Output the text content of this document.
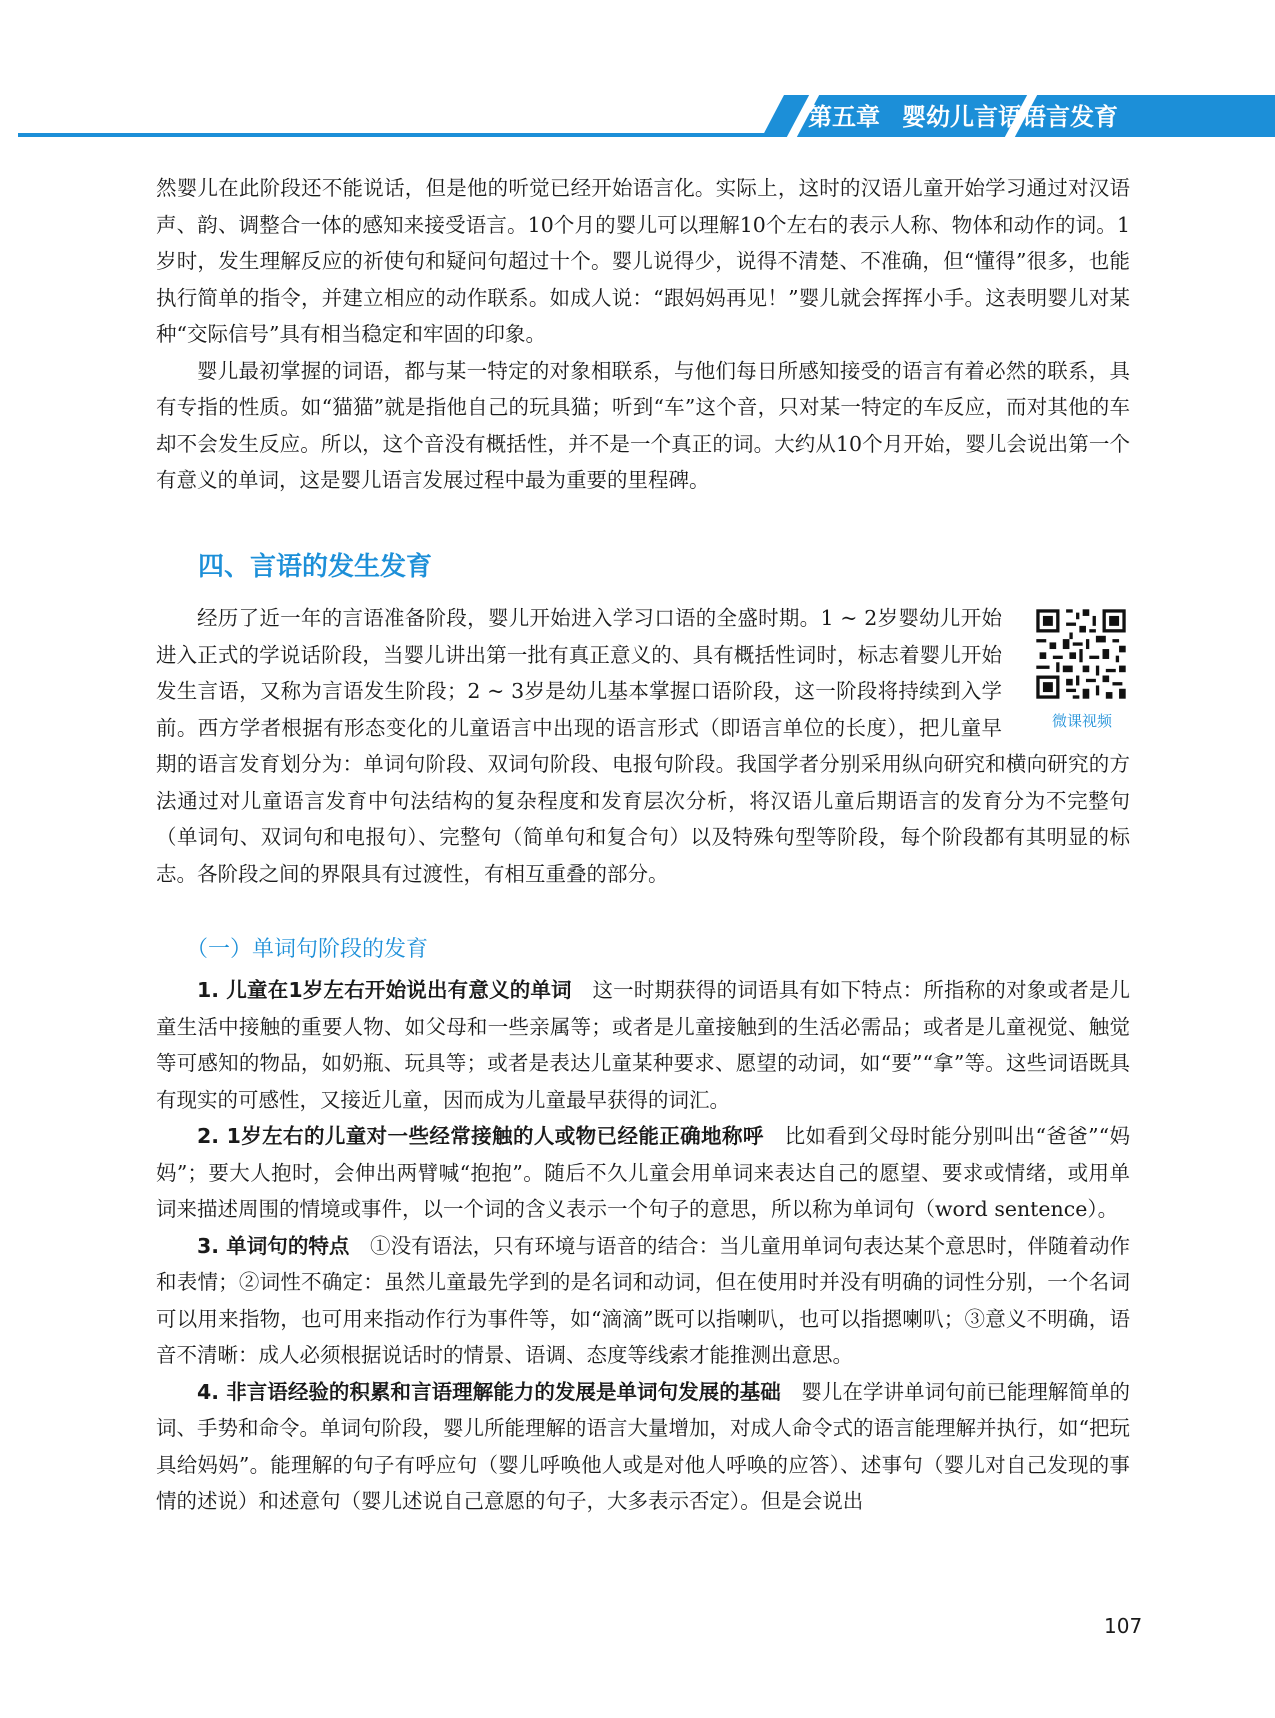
第五章 婴幼儿言语语言发育

然婴儿在此阶段还不能说话，但是他的听觉已经开始语言化。实际上，这时的汉语儿童开始学习通过对汉语声、韵、调整合一体的感知来接受语言。10个月的婴儿可以理解10个左右的表示人称、物体和动作的词。1岁时，发生理解反应的祈使句和疑问句超过十个。婴儿说得少，说得不清楚、不准确，但“懂得”很多，也能执行简单的指令，并建立相应的动作联系。如成人说：“跟妈妈再见！”婴儿就会挥挥小手。这表明婴儿对某种“交际信号”具有相当稳定和牢固的印象。

婴儿最初掌握的词语，都与某一特定的对象相联系，与他们每日所感知接受的语言有着必然的联系，具有专指的性质。如“猫猫”就是指他自己的玩具猫；听到“车”这个音，只对某一特定的车反应，而对其他的车却不会发生反应。所以，这个音没有概括性，并不是一个真正的词。大约从10个月开始，婴儿会说出第一个有意义的单词，这是婴儿语言发展过程中最为重要的里程碑。

四、言语的发生发育

经历了近一年的言语准备阶段，婴儿开始进入学习口语的全盛时期。1 ~ 2岁婴幼儿开始进入正式的学说话阶段，当婴儿讲出第一批有真正意义的、具有概括性词时，标志着婴儿开始发生言语，又称为言语发生阶段；2 ~ 3岁是幼儿基本掌握口语阶段，这一阶段将持续到入学前。西方学者根据有形态变化的儿童语言中出现的语言形式（即语言单位的长度），把儿童早期的语言发育划分为：单词句阶段、双词句阶段、电报句阶段。我国学者分别采用纵向研究和横向研究的方法通过对儿童语言发育中句法结构的复杂程度和发育层次分析，将汉语儿童后期语言的发育分为不完整句（单词句、双词句和电报句）、完整句（简单句和复合句）以及特殊句型等阶段，每个阶段都有其明显的标志。各阶段之间的界限具有过渡性，有相互重叠的部分。

微课视频
（一）单词句阶段的发育

1. 儿童在1岁左右开始说出有意义的单词　 这一时期获得的词语具有如下特点：所指称的对象或者是儿童生活中接触的重要人物、如父母和一些亲属等；或者是儿童接触到的生活必需品；或者是儿童视觉、触觉等可感知的物品，如奶瓶、玩具等；或者是表达儿童某种要求、愿望的动词，如“要”“拿”等。这些词语既具有现实的可感性，又接近儿童，因而成为儿童最早获得的词汇。

2. 1岁左右的儿童对一些经常接触的人或物已经能正确地称呼　 比如看到父母时能分别叫出“爸爸”“妈妈”；要大人抱时，会伸出两臂喊“抱抱”。随后不久儿童会用单词来表达自己的愿望、要求或情绪，或用单词来描述周围的情境或事件，以一个词的含义表示一个句子的意思，所以称为单词句（word sentence）。

3. 单词句的特点　 ①没有语法，只有环境与语音的结合：当儿童用单词句表达某个意思时，伴随着动作和表情；②词性不确定：虽然儿童最先学到的是名词和动词，但在使用时并没有明确的词性分别，一个名词可以用来指物，也可用来指动作行为事件等，如“滴滴”既可以指喇叭，也可以指摁喇叭；③意义不明确，语音不清晰：成人必须根据说话时的情景、语调、态度等线索才能推测出意思。

4. 非言语经验的积累和言语理解能力的发展是单词句发展的基础　 婴儿在学讲单词句前已能理解简单的词、手势和命令。单词句阶段，婴儿所能理解的语言大量增加，对成人命令式的语言能理解并执行，如“把玩具给妈妈”。能理解的句子有呼应句（婴儿呼唤他人或是对他人呼唤的应答）、述事句（婴儿对自己发现的事情的述说）和述意句（婴儿述说自己意愿的句子，大多表示否定）。但是会说出

107
